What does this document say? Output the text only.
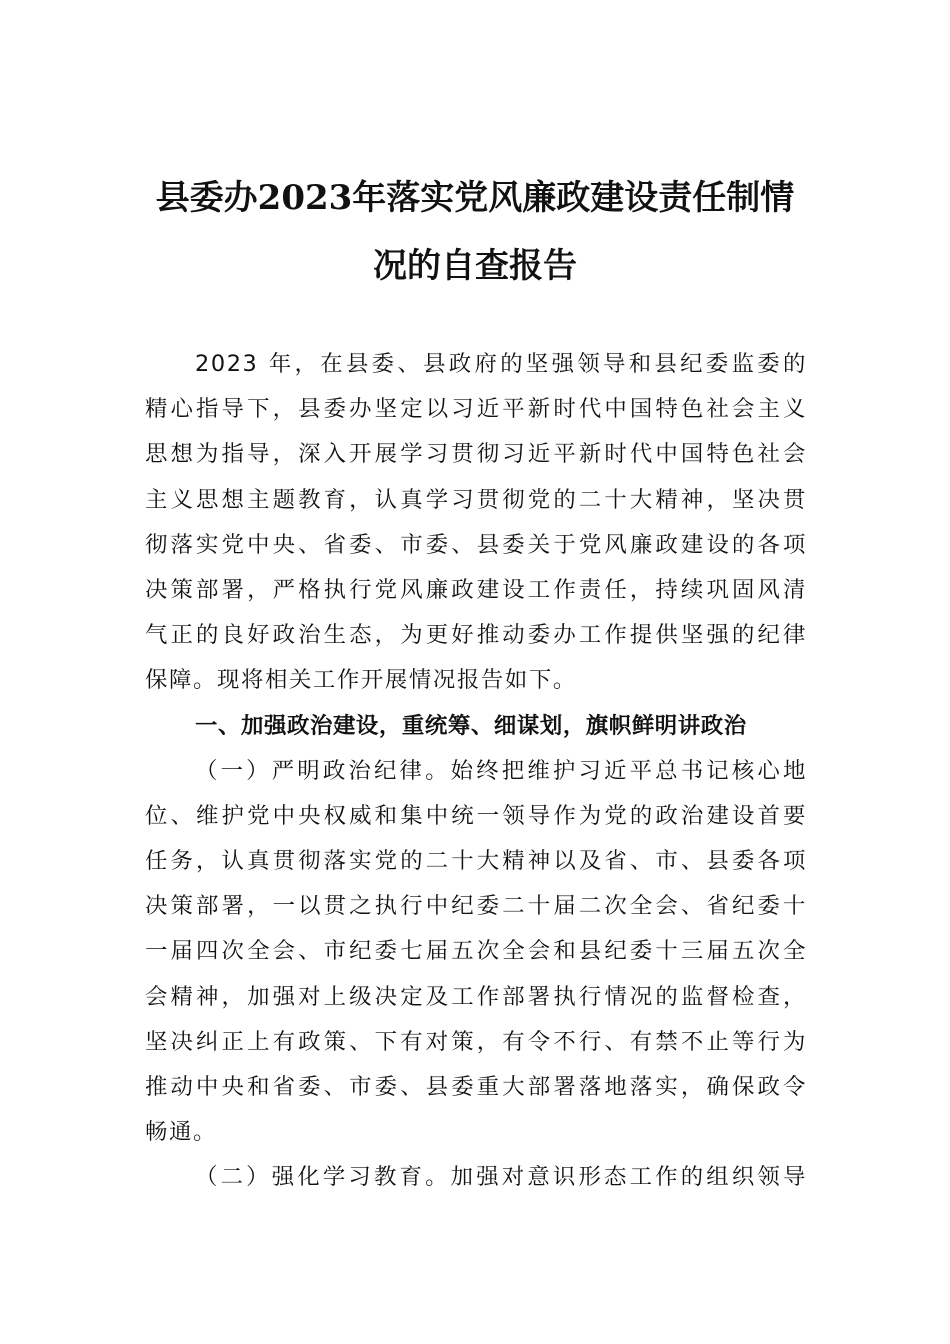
县委办2023年落实党风廉政建设责任制情
况的自查报告
2023 年，在县委、县政府的坚强领导和县纪委监委的
精心指导下，县委办坚定以习近平新时代中国特色社会主义
思想为指导，深入开展学习贯彻习近平新时代中国特色社会
主义思想主题教育，认真学习贯彻党的二十大精神，坚决贯
彻落实党中央、省委、市委、县委关于党风廉政建设的各项
决策部署，严格执行党风廉政建设工作责任，持续巩固风清
气正的良好政治生态，为更好推动委办工作提供坚强的纪律
保障。现将相关工作开展情况报告如下。
一、加强政治建设，重统筹、细谋划，旗帜鲜明讲政治
（一）严明政治纪律。始终把维护习近平总书记核心地
位、维护党中央权威和集中统一领导作为党的政治建设首要
任务，认真贯彻落实党的二十大精神以及省、市、县委各项
决策部署，一以贯之执行中纪委二十届二次全会、省纪委十
一届四次全会、市纪委七届五次全会和县纪委十三届五次全
会精神，加强对上级决定及工作部署执行情况的监督检查，
坚决纠正上有政策、下有对策，有令不行、有禁不止等行为
推动中央和省委、市委、县委重大部署落地落实，确保政令
畅通。
（二）强化学习教育。加强对意识形态工作的组织领导
